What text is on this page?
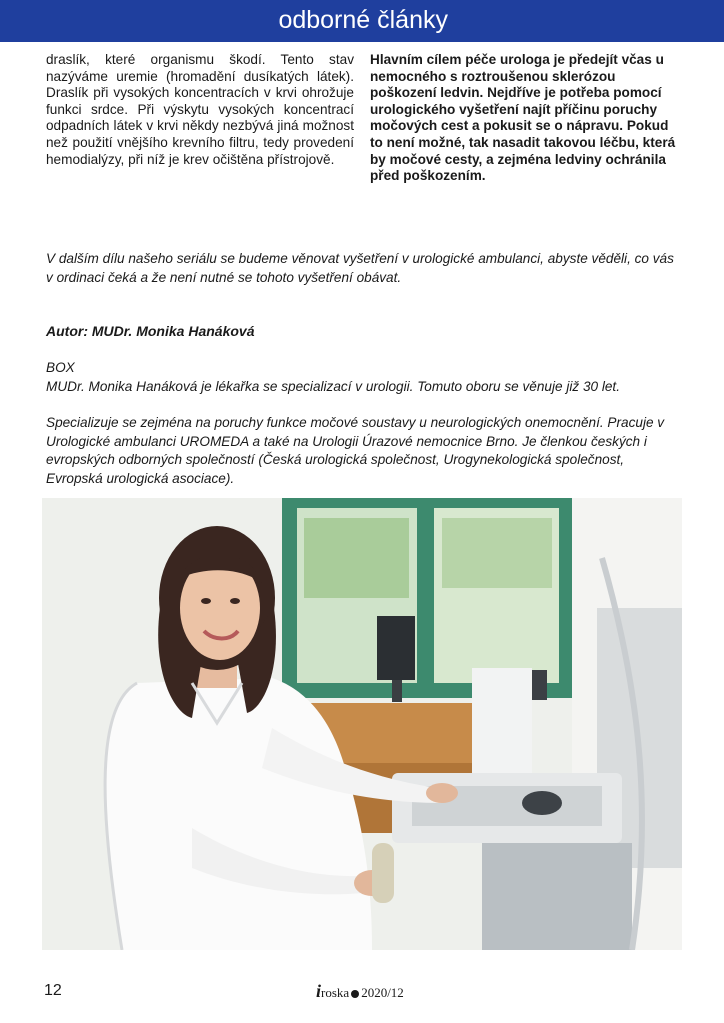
odborné články
draslík, které organismu škodí. Tento stav nazýváme uremie (hromadění dusíkatých látek). Draslík při vysokých koncentracích v krvi ohrožuje funkci srdce. Při výskytu vysokých koncentrací odpadních látek v krvi někdy nezbývá jiná možnost než použití vnějšího krevního filtru, tedy provedení hemodialýzy, při níž je krev očištěna přístrojově.
Hlavním cílem péče urologa je předejít včas u nemocného s roztroušenou sklerózou poškození ledvin. Nejdříve je potřeba pomocí urologického vyšetření najít příčinu poruchy močových cest a pokusit se o nápravu. Pokud to není možné, tak nasadit takovou léčbu, která by močové cesty, a zejména ledviny ochránila před poškozením.
V dalším dílu našeho seriálu se budeme věnovat vyšetření v urologické ambulanci, abyste věděli, co vás v ordinaci čeká a že není nutné se tohoto vyšetření obávat.
Autor: MUDr. Monika Hanáková

BOX

MUDr. Monika Hanáková je lékařka se specializací v urologii. Tomuto oboru se věnuje již 30 let.

Specializuje se zejména na poruchy funkce močové soustavy u neurologických onemocnění. Pracuje v Urologické ambulanci UROMEDA a také na Urologii Úrazové nemocnice Brno. Je členkou českých i evropských odborných společností (Česká urologická společnost, Urogynekologická společnost, Evropská urologická asociace).

12	iroska 2020/12
